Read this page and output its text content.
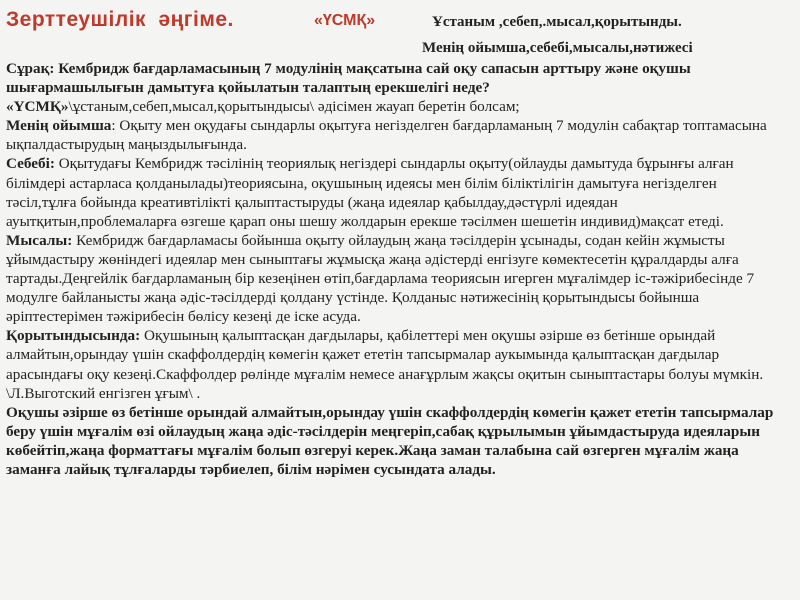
Зерттеушілік әңгіме.	«ҮСМҚ»	Ұстаным ,себеп,.мысал,қорытынды.
Менің ойымша,себебі,мысалы,нәтижесі

Сұрақ: Кембридж бағдарламасының 7 модулінің мақсатына сай оқу сапасын арттыру және оқушы шығармашылығын дамытуға қойылатын талаптың ерекшелігі неде?

«ҮСМҚ»\ұстаным,себеп,мысал,қорытындысы\ әдісімен жауап беретін болсам;

Менің ойымша: Оқыту мен оқудағы сындарлы оқытуға негізделген бағдарламаның 7 модулін сабақтар топтамасына ықпалдастырудың маңыздылығында.

Себебі: Оқытудағы Кембридж тәсілінің теориялық негіздері сындарлы оқыту(ойлауды дамытуда бұрынғы алған білімдері астарласа қолданылады)теориясына, оқушының идеясы мен білім біліктілігін дамытуға негізделген тәсіл,тұлға бойында креативтілікті қалыптастыруды (жаңа идеялар қабылдау,дәстүрлі идеядан ауытқитын,проблемаларға өзгеше қарап оны шешу жолдарын ерекше тәсілмен шешетін индивид)мақсат етеді.

Мысалы: Кембридж бағдарламасы бойынша оқыту ойлаудың жаңа тәсілдерін ұсынады, содан кейін жұмысты ұйымдастыру жөніндегі идеялар мен сыныптағы жұмысқа жаңа әдістерді енгізуге көмектесетін құралдарды алға тартады.Деңгейлік бағдарламаның бір кезеңінен өтіп,бағдарлама теориясын игерген мұғалімдер іс-тәжірибесінде 7 модулге байланысты жаңа әдіс-тәсілдерді қолдану үстінде. Қолданыс нәтижесінің қорытындысы бойынша әріптестерімен тәжірибесін бөлісу кезеңі де іске асуда.

Қорытындысында: Оқушының қалыптасқан дағдылары, қабілеттері мен оқушы әзірше өз бетінше орындай алмайтын,орындау үшін скаффолдердің көмегін қажет ететін тапсырмалар аукымында қалыптасқан дағдылар арасындағы оқу кезеңі.Скаффолдер рөлінде мұғалім немесе анағұрлым жақсы оқитын сыныптастары болуы мүмкін. \Л.Выготский енгізген ұғым\ .

Оқушы әзірше өз бетінше орындай алмайтын,орындау үшін скаффолдердің көмегін қажет ететін тапсырмалар беру үшін мұғалім өзі ойлаудың жаңа әдіс-тәсілдерін меңгеріп,сабақ құрылымын ұйымдастыруда идеяларын көбейтіп,жаңа форматтағы мұғалім болып өзгеруі керек.Жаңа заман талабына сай өзгерген мұғалім жаңа заманға лайық тұлғаларды тәрбиелеп, білім нәрімен сусындата алады.
